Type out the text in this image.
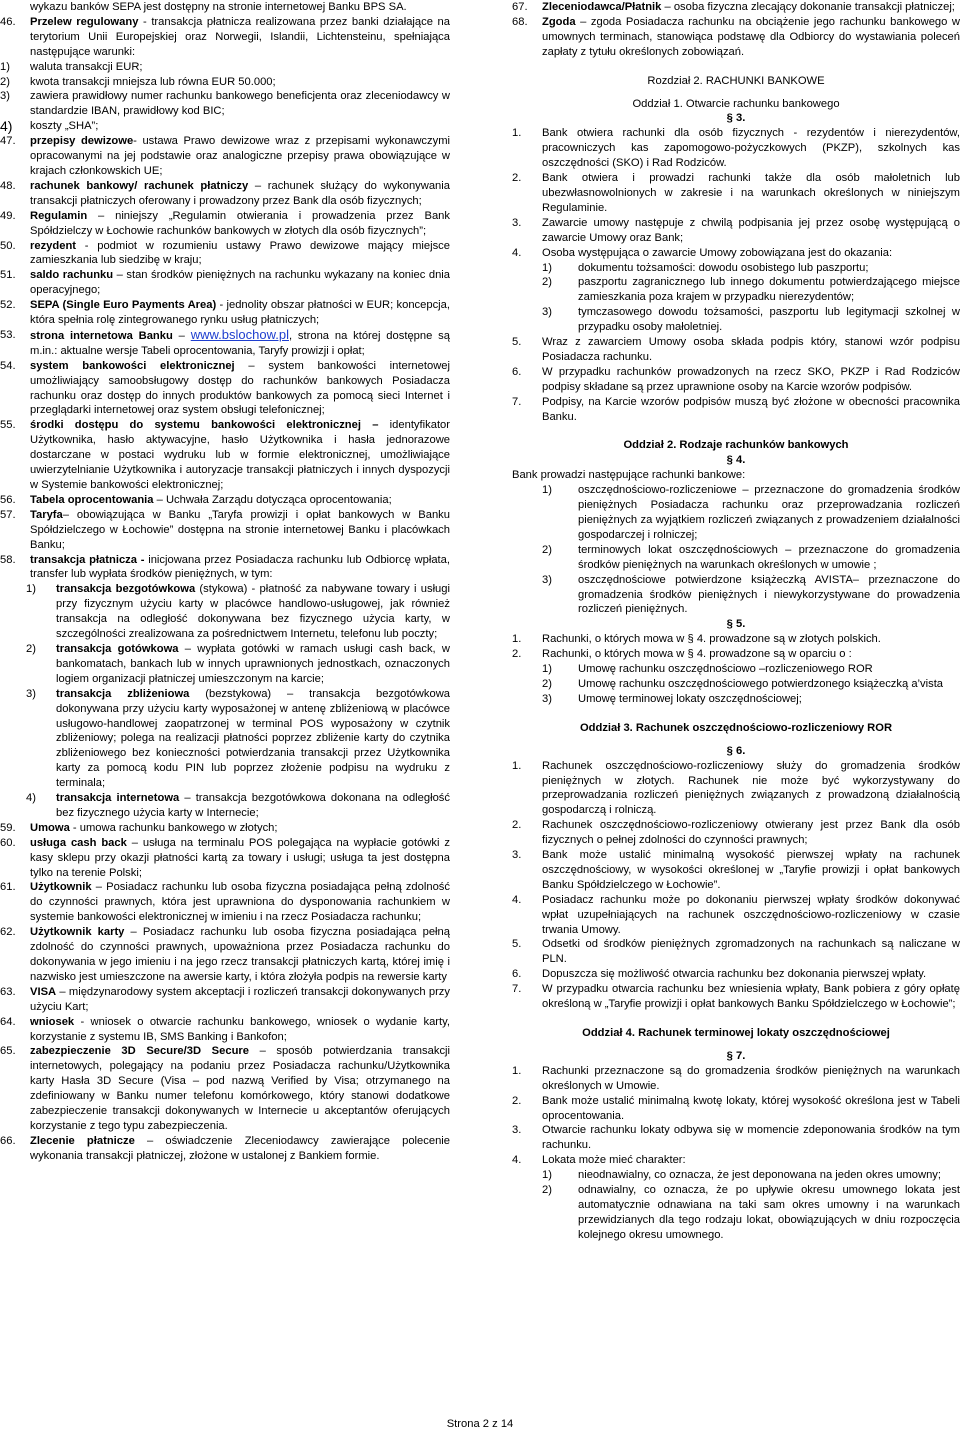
wykazu banków SEPA jest dostępny na stronie internetowej Banku BPS SA.
46. Przelew regulowany - transakcja płatnicza realizowana przez banki działające na terytorium Unii Europejskiej oraz Norwegii, Islandii, Lichtensteinu, spełniająca następujące warunki:
1) waluta transakcji EUR;
2) kwota transakcji mniejsza lub równa EUR 50.000;
3) zawiera prawidłowy numer rachunku bankowego beneficjenta oraz zleceniodawcy w standardzie IBAN, prawidłowy kod BIC;
4) koszty „SHA”;
47. przepisy dewizowe- ustawa Prawo dewizowe wraz z przepisami wykonawczymi opracowanymi na jej podstawie oraz analogiczne przepisy prawa obowiązujące w krajach członkowskich UE;
48. rachunek bankowy/ rachunek płatniczy – rachunek służący do wykonywania transakcji płatniczych oferowany i prowadzony przez Bank dla osób fizycznych;
49. Regulamin – niniejszy „Regulamin otwierania i prowadzenia przez Bank Spółdzielczy w Łochowie rachunków bankowych w złotych dla osób fizycznych”;
50. rezydent - podmiot w rozumieniu ustawy Prawo dewizowe mający miejsce zamieszkania lub siedzibę w kraju;
51. saldo rachunku – stan środków pieniężnych na rachunku wykazany na koniec dnia operacyjnego;
52. SEPA (Single Euro Payments Area) - jednolity obszar płatności w EUR; koncepcja, która spełnia rolę zintegrowanego rynku usług płatniczych;
53. strona internetowa Banku – www.bslochow.pl, strona na której dostępne są m.in.: aktualne wersje Tabeli oprocentowania, Taryfy prowizji i opłat;
54. system bankowości elektronicznej – system bankowości internetowej umożliwiający samoobsługowy dostęp do rachunków bankowych Posiadacza rachunku oraz dostęp do innych produktów bankowych za pomocą sieci Internet i przeglądarki internetowej oraz system obsługi telefonicznej;
55. środki dostępu do systemu bankowości elektronicznej – identyfikator Użytkownika, hasło aktywacyjne, hasło Użytkownika i hasła jednorazowe dostarczane w postaci wydruku lub w formie elektronicznej, umożliwiające uwierzytelnianie Użytkownika i autoryzacje transakcji płatniczych i innych dyspozycji w Systemie bankowości elektronicznej;
56. Tabela oprocentowania – Uchwała Zarządu dotycząca oprocentowania;
57. Taryfa– obowiązująca w Banku „Taryfa prowizji i opłat bankowych w Banku Spółdzielczego w Łochowie” dostępna na stronie internetowej Banku i placówkach Banku;
58. transakcja płatnicza - inicjowana przez Posiadacza rachunku lub Odbiorcę wpłata, transfer lub wypłata środków pieniężnych, w tym:
1) transakcja bezgotówkowa (stykowa) - płatność za nabywane towary i usługi przy fizycznym użyciu karty w placówce handlowo-usługowej, jak również transakcja na odległość dokonywana bez fizycznego użycia karty, w szczególności zrealizowana za pośrednictwem Internetu, telefonu lub poczty;
2) transakcja gotówkowa – wypłata gotówki w ramach usługi cash back, w bankomatach, bankach lub w innych uprawnionych jednostkach, oznaczonych logiem organizacji płatniczej umieszczonym na karcie;
3) transakcja zbliżeniowa (bezstykowa) – transakcja bezgotówkowa dokonywana przy użyciu karty wyposażonej w antenę zbliżeniową w placówce usługowo-handlowej zaopatrzonej w terminal POS wyposażony w czytnik zbliżeniowy; polega na realizacji płatności poprzez zbliżenie karty do czytnika zbliżeniowego bez konieczności potwierdzania transakcji przez Użytkownika karty za pomocą kodu PIN lub poprzez złożenie podpisu na wydruku z terminala;
4) transakcja internetowa – transakcja bezgotówkowa dokonana na odległość bez fizycznego użycia karty w Internecie;
59. Umowa - umowa rachunku bankowego w złotych;
60. usługa cash back – usługa na terminalu POS polegająca na wypłacie gotówki z kasy sklepu przy okazji płatności kartą za towary i usługi; usługa ta jest dostępna tylko na terenie Polski;
61. Użytkownik – Posiadacz rachunku lub osoba fizyczna posiadająca pełną zdolność do czynności prawnych, która jest uprawniona do dysponowania rachunkiem w systemie bankowości elektronicznej w imieniu i na rzecz Posiadacza rachunku;
62. Użytkownik karty – Posiadacz rachunku lub osoba fizyczna posiadająca pełną zdolność do czynności prawnych, upoważniona przez Posiadacza rachunku do dokonywania w jego imieniu i na jego rzecz transakcji płatniczych kartą, której imię i nazwisko jest umieszczone na awersie karty, i która złożyła podpis na rewersie karty
63. VISA – międzynarodowy system akceptacji i rozliczeń transakcji dokonywanych przy użyciu Kart;
64. wniosek - wniosek o otwarcie rachunku bankowego, wniosek o wydanie karty, korzystanie z systemu IB, SMS Banking i Bankofon;
65. zabezpieczenie 3D Secure/3D Secure – sposób potwierdzania transakcji internetowych, polegający na podaniu przez Posiadacza rachunku/Użytkownika karty Hasła 3D Secure (Visa – pod nazwą Verified by Visa; otrzymanego na zdefiniowany w Banku numer telefonu komórkowego, który stanowi dodatkowe zabezpieczenie transakcji dokonywanych w Internecie u akceptantów oferujących korzystanie z tego typu zabezpieczenia.
66. Zlecenie płatnicze – oświadczenie Zleceniodawcy zawierające polecenie wykonania transakcji płatniczej, złożone w ustalonej z Bankiem formie.
67. Zleceniodawca/Płatnik – osoba fizyczna zlecający dokonanie transakcji płatniczej;
68. Zgoda – zgoda Posiadacza rachunku na obciążenie jego rachunku bankowego w umownych terminach, stanowiąca podstawę dla Odbiorcy do wystawiania poleceń zapłaty z tytułu określonych zobowiązań.
Rozdział 2. RACHUNKI BANKOWE
Oddział 1. Otwarcie rachunku bankowego
§ 3.
1. Bank otwiera rachunki dla osób fizycznych - rezydentów i nierezydentów, pracowniczych kas zapomogowo-pożyczkowych (PKZP), szkolnych kas oszczędności (SKO) i Rad Rodziców.
2. Bank otwiera i prowadzi rachunki także dla osób małoletnich lub ubezwłasnowolnionych w zakresie i na warunkach określonych w niniejszym Regulaminie.
3. Zawarcie umowy następuje z chwilą podpisania jej przez osobę występującą o zawarcie Umowy oraz Bank;
4. Osoba występująca o zawarcie Umowy zobowiązana jest do okazania:
1) dokumentu tożsamości: dowodu osobistego lub paszportu;
2) paszportu zagranicznego lub innego dokumentu potwierdzającego miejsce zamieszkania poza krajem w przypadku nierezydentów;
3) tymczasowego dowodu tożsamości, paszportu lub legitymacji szkolnej w przypadku osoby małoletniej.
5. Wraz z zawarciem Umowy osoba składa podpis który, stanowi wzór podpisu Posiadacza rachunku.
6. W przypadku rachunków prowadzonych na rzecz SKO, PKZP i Rad Rodziców podpisy składane są przez uprawnione osoby na Karcie wzorów podpisów.
7. Podpisy, na Karcie wzorów podpisów muszą być złożone w obecności pracownika Banku.
Oddział 2. Rodzaje rachunków bankowych
§ 4.
Bank prowadzi następujące rachunki bankowe:
1) oszczędnościowo-rozliczeniowe – przeznaczone do gromadzenia środków pieniężnych Posiadacza rachunku oraz przeprowadzania rozliczeń pieniężnych za wyjątkiem rozliczeń związanych z prowadzeniem działalności gospodarczej i rolniczej;
2) terminowych lokat oszczędnościowych – przeznaczone do gromadzenia środków pieniężnych na warunkach określonych w umowie ;
3) oszczędnościowe potwierdzone książeczką AVISTA– przeznaczone do gromadzenia środków pieniężnych i niewykorzystywane do prowadzenia rozliczeń pieniężnych.
§ 5.
1. Rachunki, o których mowa w § 4. prowadzone są w złotych polskich.
2. Rachunki, o których mowa w § 4. prowadzone są w oparciu o :
1) Umowę rachunku oszczędnościowo –rozliczeniowego ROR
2) Umowę rachunku oszczędnościowego potwierdzonego książeczką a’vista
3) Umowę terminowej lokaty oszczędnościowej;
Oddział 3. Rachunek oszczędnościowo-rozliczeniowy ROR
§ 6.
1. Rachunek oszczędnościowo-rozliczeniowy służy do gromadzenia środków pieniężnych w złotych. Rachunek nie może być wykorzystywany do przeprowadzania rozliczeń pieniężnych związanych z prowadzoną działalnością gospodarczą i rolniczą.
2. Rachunek oszczędnościowo-rozliczeniowy otwierany jest przez Bank dla osób fizycznych o pełnej zdolności do czynności prawnych;
3. Bank może ustalić minimalną wysokość pierwszej wpłaty na rachunek oszczędnościowy, w wysokości określonej w „Taryfie prowizji i opłat bankowych Banku Spółdzielczego w Łochowie”.
4. Posiadacz rachunku może po dokonaniu pierwszej wpłaty środków dokonywać wpłat uzupełniających na rachunek oszczędnościowo-rozliczeniowy w czasie trwania Umowy.
5. Odsetki od środków pieniężnych zgromadzonych na rachunkach są naliczane w PLN.
6. Dopuszcza się możliwość otwarcia rachunku bez dokonania pierwszej wpłaty.
7. W przypadku otwarcia rachunku bez wniesienia wpłaty, Bank pobiera z góry opłatę określoną w „Taryfie prowizji i opłat bankowych Banku Spółdzielczego w Łochowie”;
Oddział 4. Rachunek terminowej lokaty oszczędnościowej
§ 7.
1. Rachunki przeznaczone są do gromadzenia środków pieniężnych na warunkach określonych w Umowie.
2. Bank może ustalić minimalną kwotę lokaty, której wysokość określona jest w Tabeli oprocentowania.
3. Otwarcie rachunku lokaty odbywa się w momencie zdeponowania środków na tym rachunku.
4. Lokata może mieć charakter:
1) nieodnawialny, co oznacza, że jest deponowana na jeden okres umowny;
2) odnawialny, co oznacza, że po upływie okresu umownego lokata jest automatycznie odnawiana na taki sam okres umowny i na warunkach przewidzianych dla tego rodzaju lokat, obowiązujących w dniu rozpoczęcia kolejnego okresu umownego.
Strona 2 z 14
